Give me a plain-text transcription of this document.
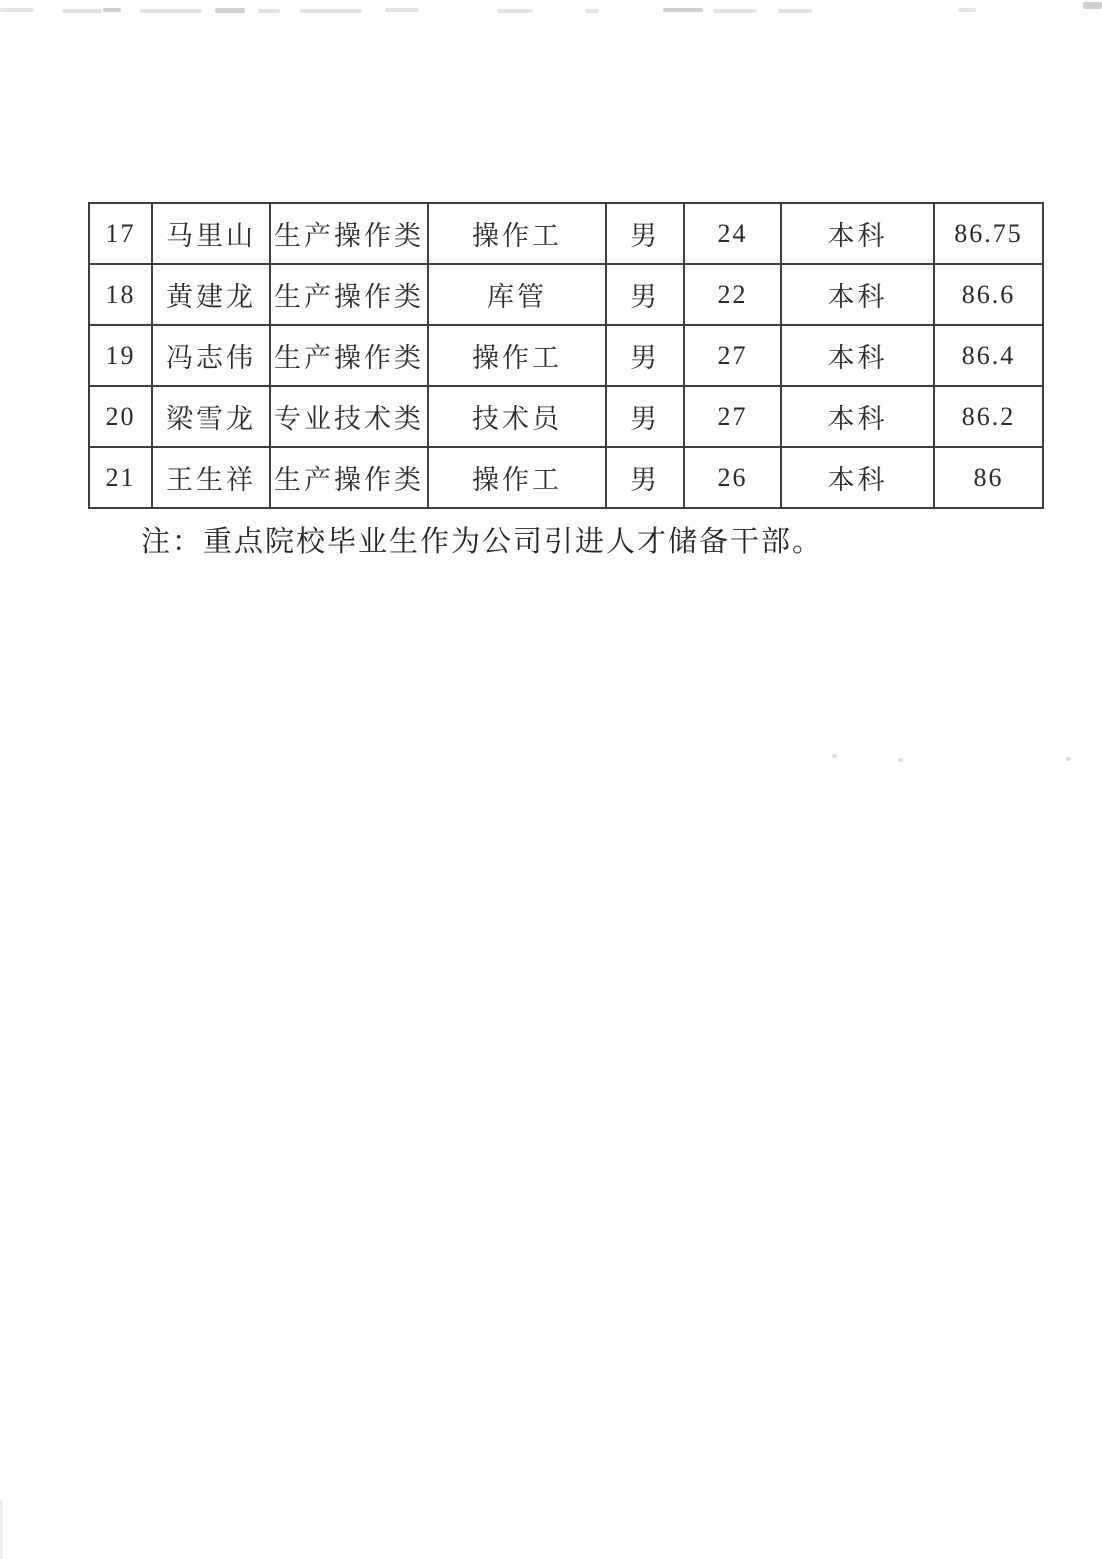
17	马里山	生产操作类	操作工	男	24	本科	86.75
18	黄建龙	生产操作类	库管	男	22	本科	86.6
19	冯志伟	生产操作类	操作工	男	27	本科	86.4
20	梁雪龙	专业技术类	技术员	男	27	本科	86.2
21	王生祥	生产操作类	操作工	男	26	本科	86

注：重点院校毕业生作为公司引进人才储备干部。
